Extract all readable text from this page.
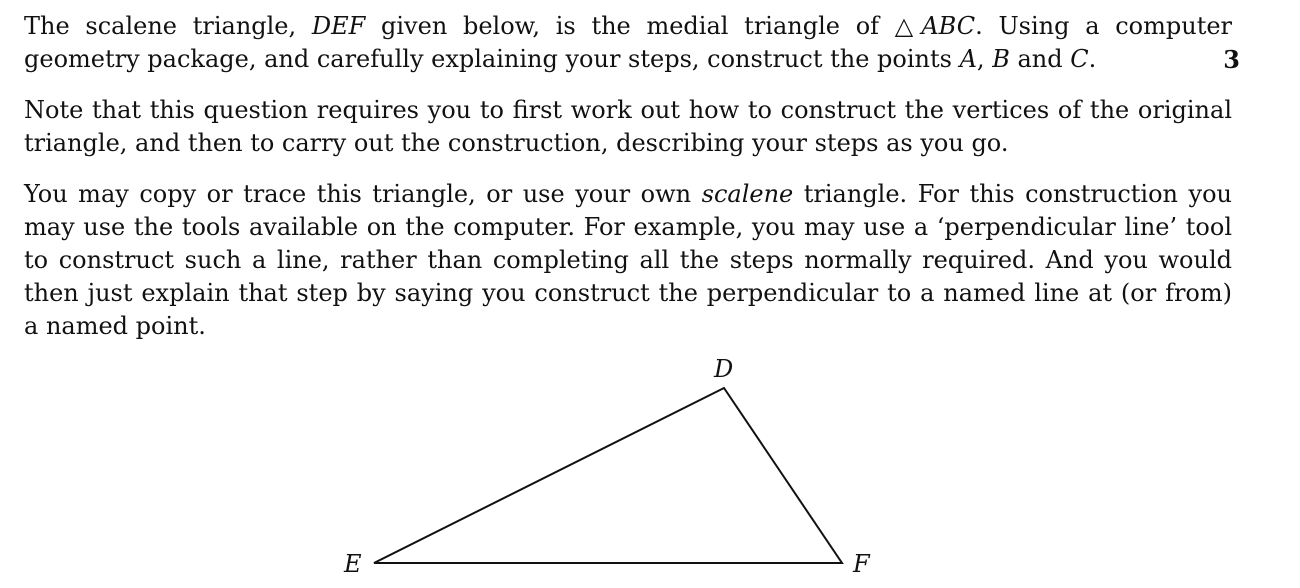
The scalene triangle, DEF given below, is the medial triangle of △ABC. Using a computer geometry package, and carefully explaining your steps, construct the points A, B and C.	3

Note that this question requires you to first work out how to construct the vertices of the original triangle, and then to carry out the construction, describing your steps as you go.

You may copy or trace this triangle, or use your own scalene triangle. For this construction you may use the tools available on the computer. For example, you may use a ‘perpendicular line’ tool to construct such a line, rather than completing all the steps normally required. And you would then just explain that step by saying you construct the perpendicular to a named line at (or from) a named point.

D
E	F
